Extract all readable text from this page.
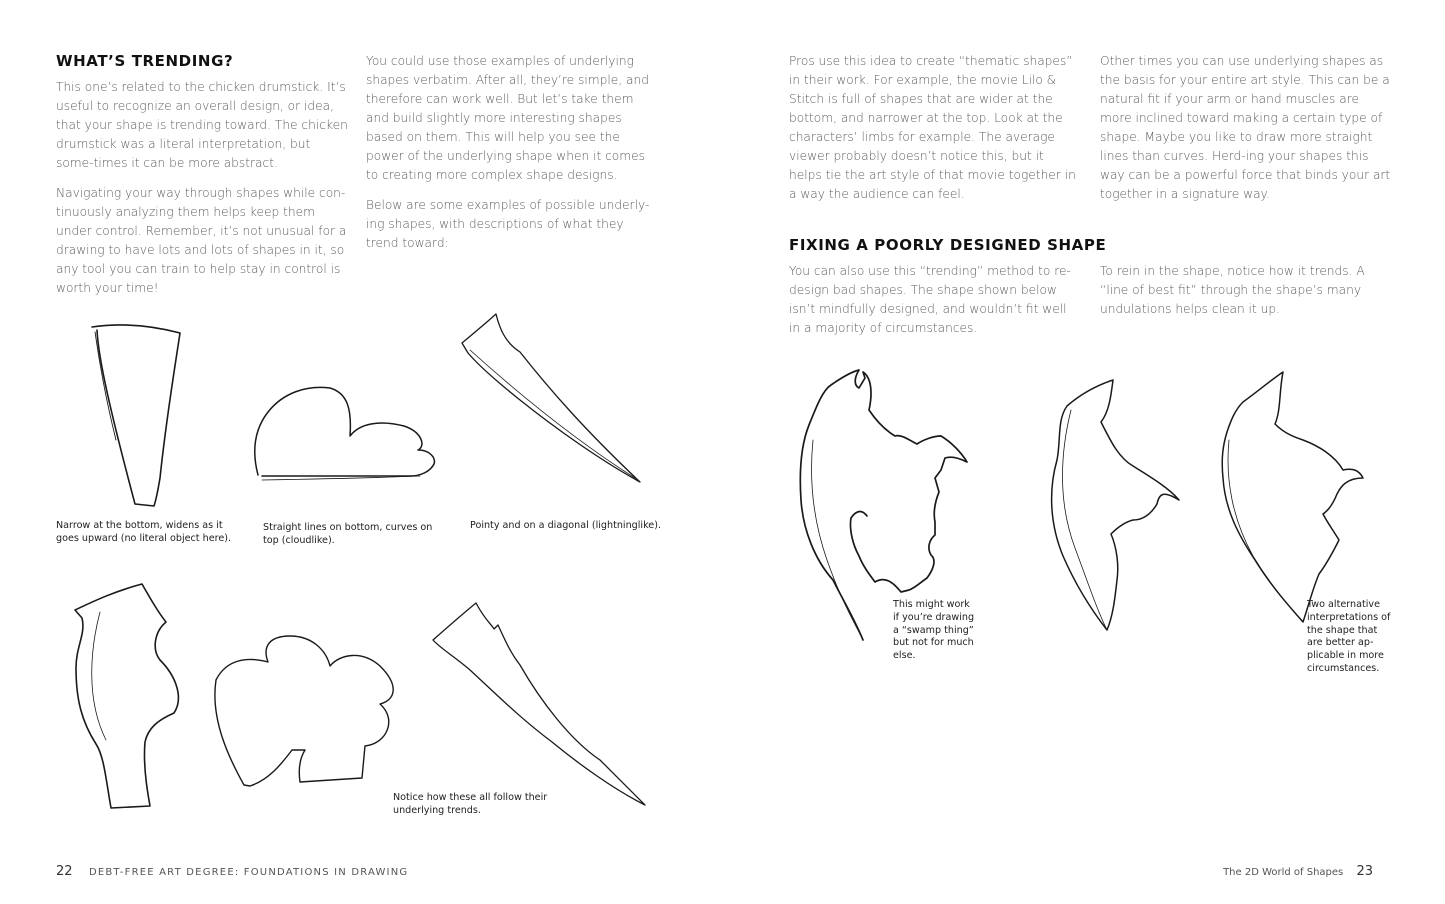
WHAT’S TRENDING?

This one’s related to the chicken drumstick. It’s useful to recognize an overall design, or idea, that your shape is trending toward. The chicken drumstick was a literal interpretation, but some-times it can be more abstract.

Navigating your way through shapes while con-tinuously analyzing them helps keep them under control. Remember, it’s not unusual for a drawing to have lots and lots of shapes in it, so any tool you can train to help stay in control is worth your time!

You could use those examples of underlying shapes verbatim. After all, they’re simple, and therefore can work well. But let’s take them and build slightly more interesting shapes based on them. This will help you see the power of the underlying shape when it comes to creating more complex shape designs.

Below are some examples of possible underly-ing shapes, with descriptions of what they trend toward:

Narrow at the bottom, widens as it goes upward (no literal object here).

Straight lines on bottom, curves on top (cloudlike).

Pointy and on a diagonal (lightninglike).

Notice how these all follow their underlying trends.

22 DEBT-FREE ART DEGREE: FOUNDATIONS IN DRAWING

Pros use this idea to create “thematic shapes” in their work. For example, the movie Lilo & Stitch is full of shapes that are wider at the bottom, and narrower at the top. Look at the characters’ limbs for example. The average viewer probably doesn’t notice this, but it helps tie the art style of that movie together in a way the audience can feel.

Other times you can use underlying shapes as the basis for your entire art style. This can be a natural fit if your arm or hand muscles are more inclined toward making a certain type of shape. Maybe you like to draw more straight lines than curves. Herd-ing your shapes this way can be a powerful force that binds your art together in a signature way.

FIXING A POORLY DESIGNED SHAPE

You can also use this “trending” method to re-design bad shapes. The shape shown below isn’t mindfully designed, and wouldn’t fit well in a majority of circumstances.

To rein in the shape, notice how it trends. A “line of best fit” through the shape’s many undulations helps clean it up.

This might work if you’re drawing a “swamp thing” but not for much else.

Two alternative interpretations of the shape that are better ap-plicable in more circumstances.

The 2D World of Shapes 23
